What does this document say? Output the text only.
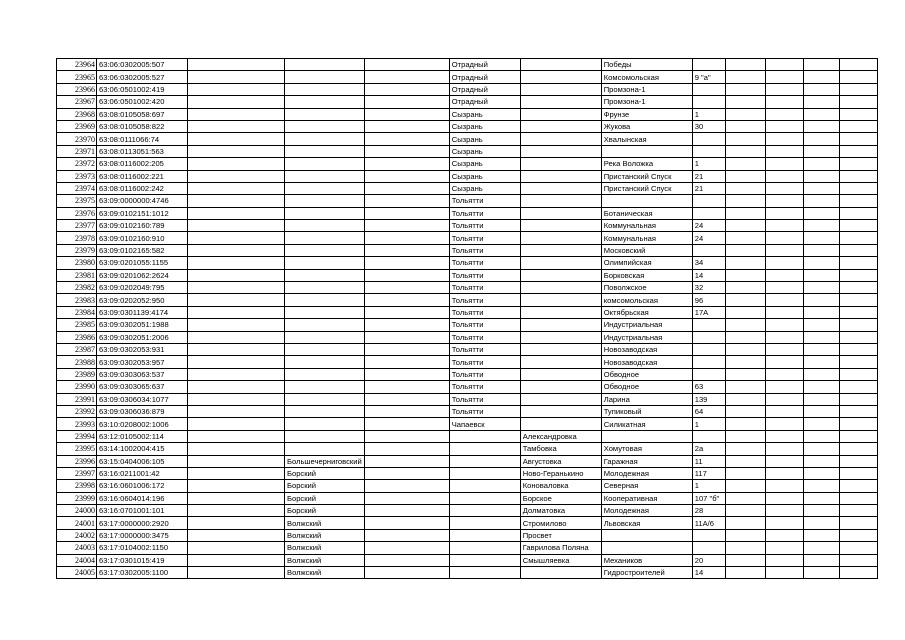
23964	63:06:0302005:507				Отрадный		Победы					
23965	63:06:0302005:527				Отрадный		Комсомольская	9 "а"				
23966	63:06:0501002:419				Отрадный		Промзона-1					
23967	63:06:0501002:420				Отрадный		Промзона-1					
23968	63:08:0105058:697				Сызрань		Фрунзе	1				
23969	63:08:0105058:822				Сызрань		Жукова	30				
23970	63:08:0111066:74				Сызрань		Хвалынская					
23971	63:08:0113051:563				Сызрань							
23972	63:08:0116002:205				Сызрань		Река Воложка	1				
23973	63:08:0116002:221				Сызрань		Пристанский Спуск	21				
23974	63:08:0116002:242				Сызрань		Пристанский Спуск	21				
23975	63:09:0000000:4746				Тольятти							
23976	63:09:0102151:1012				Тольятти		Ботаническая					
23977	63:09:0102160:789				Тольятти		Коммунальная	24				
23978	63:09:0102160:910				Тольятти		Коммунальная	24				
23979	63:09:0102165:582				Тольятти		Московский					
23980	63:09:0201055:1155				Тольятти		Олимпийская	34				
23981	63:09:0201062:2624				Тольятти		Борковская	14				
23982	63:09:0202049:795				Тольятти		Поволжское	32				
23983	63:09:0202052:950				Тольятти		комсомольская	96				
23984	63:09:0301139:4174				Тольятти		Октябрьская	17А				
23985	63:09:0302051:1988				Тольятти		Индустриальная					
23986	63:09:0302051:2006				Тольятти		Индустриальная					
23987	63:09:0302053:931				Тольятти		Новозаводская					
23988	63:09:0302053:957				Тольятти		Новозаводская					
23989	63:09:0303063:537				Тольятти		Обводное					
23990	63:09:0303065:637				Тольятти		Обводное	63				
23991	63:09:0306034:1077				Тольятти		Ларина	139				
23992	63:09:0306036:879				Тольятти		Тупиковый	64				
23993	63:10:0208002:1006				Чапаевск		Силикатная	1				
23994	63:12:0105002:114					Александровка						
23995	63:14:1002004:415					Тамбовка	Хомутовая	2а				
23996	63:15:0404006:105		Большечерниговский			Августовка	Гаражная	11				
23997	63:16:0211001:42		Борский			Ново-Геранькино	Молодежная	117				
23998	63:16:0601006:172		Борский			Коноваловка	Северная	1				
23999	63:16:0604014:196		Борский			Борское	Кооперативная	107 "б"				
24000	63:16:0701001:101		Борский			Долматовка	Молодежная	28				
24001	63:17:0000000:2920		Волжский			Стромилово	Львовская	11А/6				
24002	63:17:0000000:3475		Волжский			Просвет						
24003	63:17:0104002:1150		Волжский			Гаврилова Поляна						
24004	63:17:0301015:419		Волжский			Смышляевка	Механиков	20				
24005	63:17:0302005:1100		Волжский				Гидростроителей	14				
